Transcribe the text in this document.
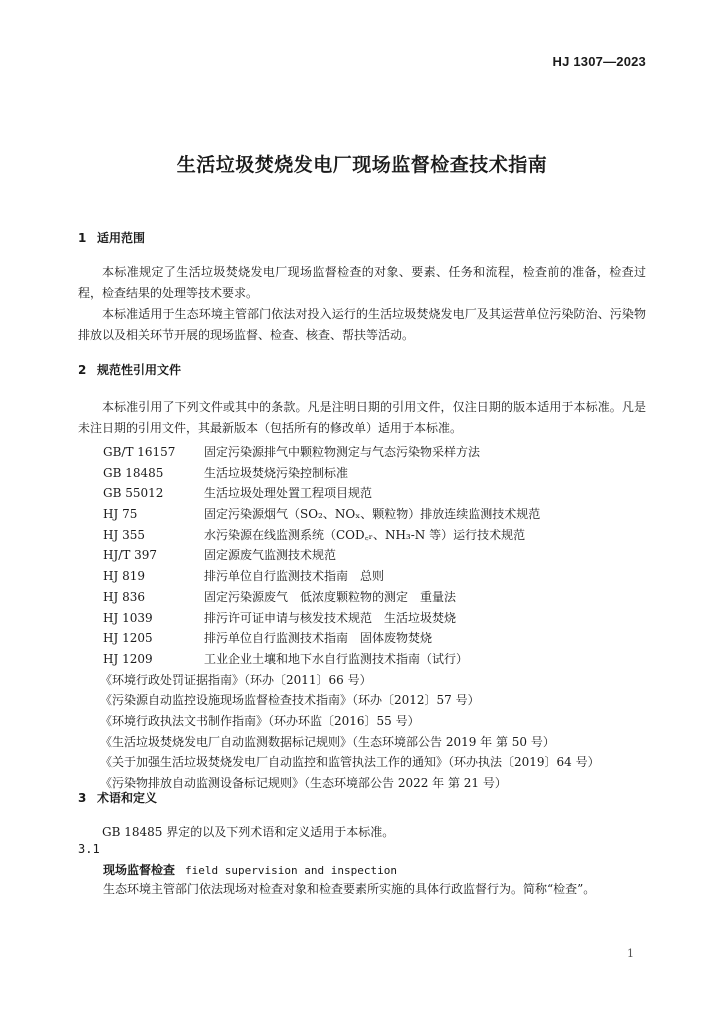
HJ 1307—2023
生活垃圾焚烧发电厂现场监督检查技术指南
1 适用范围
本标准规定了生活垃圾焚烧发电厂现场监督检查的对象、要素、任务和流程，检查前的准备，检查过程，检查结果的处理等技术要求。
本标准适用于生态环境主管部门依法对投入运行的生活垃圾焚烧发电厂及其运营单位污染防治、污染物排放以及相关环节开展的现场监督、检查、核查、帮扶等活动。
2 规范性引用文件
本标准引用了下列文件或其中的条款。凡是注明日期的引用文件，仅注日期的版本适用于本标准。凡是未注日期的引用文件，其最新版本（包括所有的修改单）适用于本标准。
GB/T 16157 固定污染源排气中颗粒物测定与气态污染物采样方法
GB 18485	生活垃圾焚烧污染控制标准
GB 55012	生活垃圾处理处置工程项目规范
HJ 75	固定污染源烟气（SO₂、NOₓ、颗粒物）排放连续监测技术规范
HJ 355	水污染源在线监测系统（COD꜀ᵣ、NH₃-N 等）运行技术规范
HJ/T 397	固定源废气监测技术规范
HJ 819	排污单位自行监测技术指南　总则
HJ 836	固定污染源废气　低浓度颗粒物的测定　重量法
HJ 1039	排污许可证申请与核发技术规范　生活垃圾焚烧
HJ 1205	排污单位自行监测技术指南　固体废物焚烧
HJ 1209	工业企业土壤和地下水自行监测技术指南（试行）
《环境行政处罚证据指南》（环办〔2011〕66 号）
《污染源自动监控设施现场监督检查技术指南》（环办〔2012〕57 号）
《环境行政执法文书制作指南》（环办环监〔2016〕55 号）
《生活垃圾焚烧发电厂自动监测数据标记规则》（生态环境部公告 2019 年 第 50 号）
《关于加强生活垃圾焚烧发电厂自动监控和监管执法工作的通知》（环办执法〔2019〕64 号）
《污染物排放自动监测设备标记规则》（生态环境部公告 2022 年 第 21 号）
3 术语和定义
GB 18485 界定的以及下列术语和定义适用于本标准。
3.1
现场监督检查 field supervision and inspection
生态环境主管部门依法现场对检查对象和检查要素所实施的具体行政监督行为。简称“检查”。
1
